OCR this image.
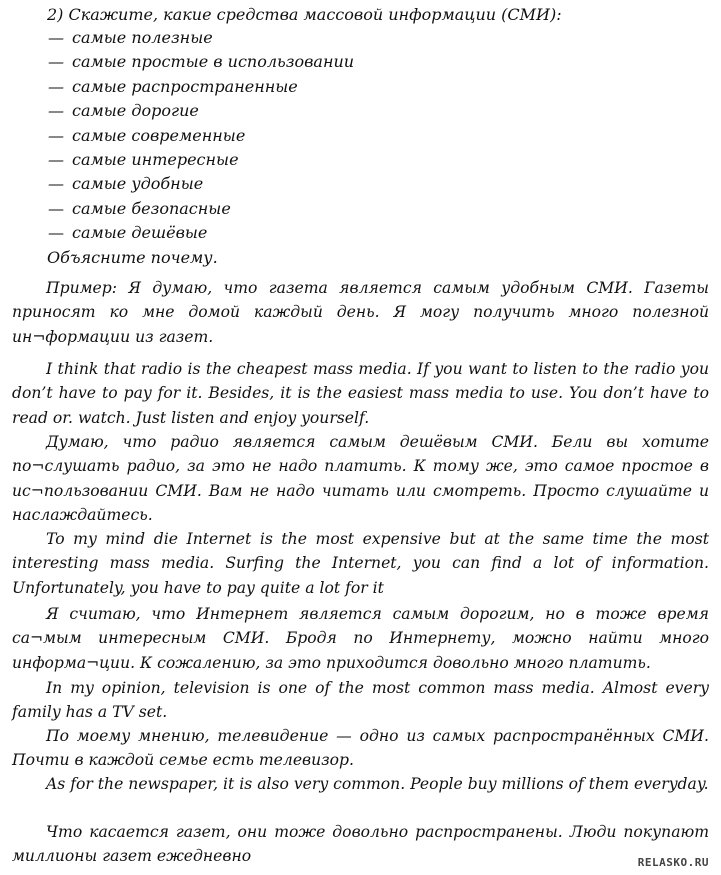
2) Скажите, какие средства массовой информации (СМИ):
— самые полезные
— самые простые в использовании
— самые распространенные
— самые дорогие
— самые современные
— самые интересные
— самые удобные
— самые безопасные
— самые дешёвые
Объясните почему.

Пример: Я думаю, что газета является самым удобным СМИ. Газеты приносят ко мне домой каждый день. Я могу получить много полезной ин¬формации из газет.

I think that radio is the cheapest mass media. If you want to listen to the radio you don’t have to pay for it. Besides, it is the easiest mass media to use. You don’t have to read or. watch. Just listen and enjoy yourself.

Думаю, что радио является самым дешёвым СМИ. Бели вы хотите по¬слушать радио, за это не надо платить. К тому же, это самое простое в ис¬пользовании СМИ. Вам не надо читать или смотреть. Просто слушайте и наслаждайтесь.

To my mind die Internet is the most expensive but at the same time the most interesting mass media. Surfing the Internet, you can find a lot of information. Unfortunately, you have to pay quite a lot for it

Я считаю, что Интернет является самым дорогим, но в тоже время са¬мым интересным СМИ. Бродя по Интернету, можно найти много информа¬ции. К сожалению, за это приходится довольно много платить.

In my opinion, television is one of the most common mass media. Almost every family has a TV set.

По моему мнению, телевидение — одно из самых распространённых СМИ. Почти в каждой семье есть телевизор.

As for the newspaper, it is also very common. People buy millions of them everyday.

Что касается газет, они тоже довольно распространены. Люди покупают миллионы газет ежедневно	RELASKO.RU
